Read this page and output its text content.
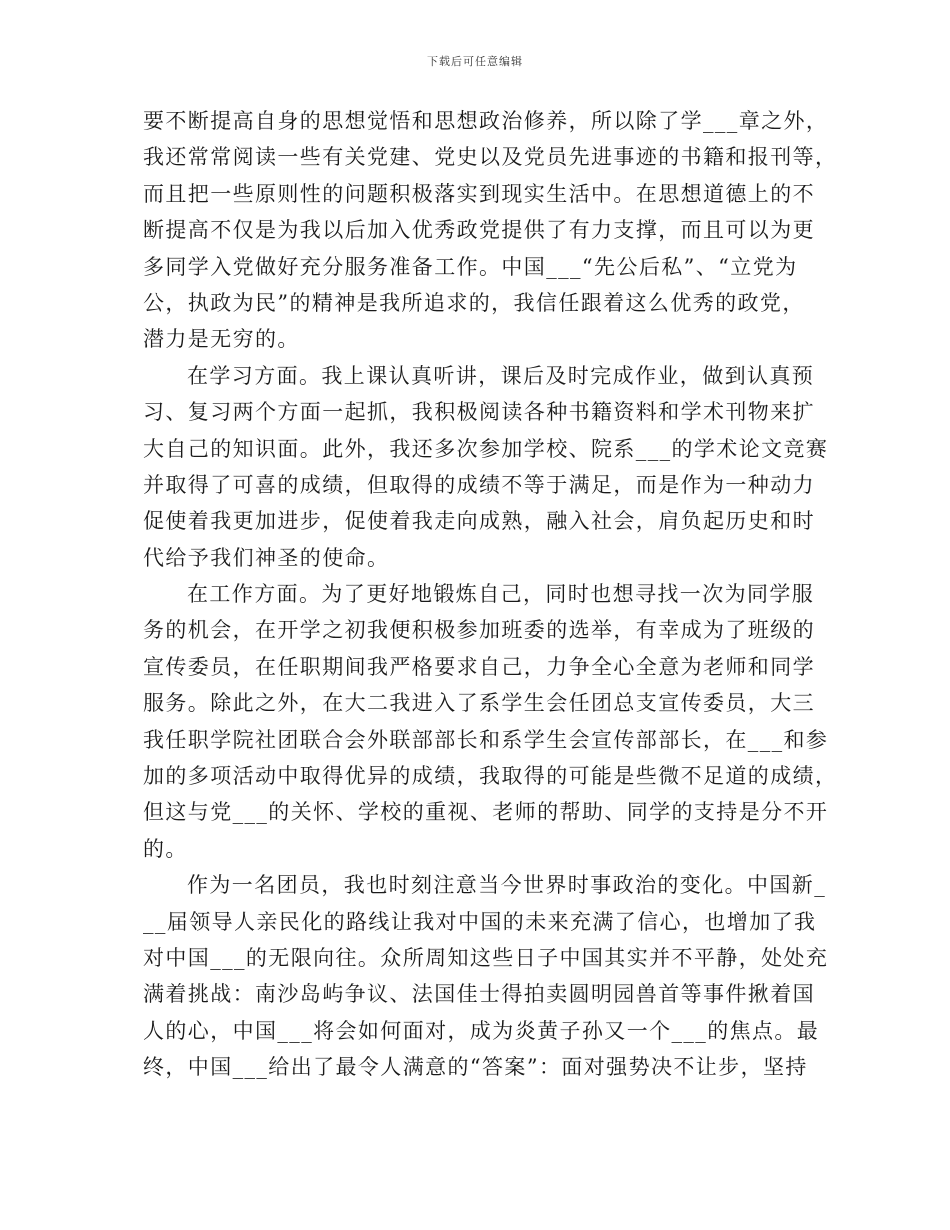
下载后可任意编辑
要不断提高自身的思想觉悟和思想政治修养，所以除了学___章之外，
我还常常阅读一些有关党建、党史以及党员先进事迹的书籍和报刊等，
而且把一些原则性的问题积极落实到现实生活中。在思想道德上的不
断提高不仅是为我以后加入优秀政党提供了有力支撑，而且可以为更
多同学入党做好充分服务准备工作。中国___“先公后私”、“立党为
公，执政为民”的精神是我所追求的，我信任跟着这么优秀的政党，
潜力是无穷的。
在学习方面。我上课认真听讲，课后及时完成作业，做到认真预
习、复习两个方面一起抓，我积极阅读各种书籍资料和学术刊物来扩
大自己的知识面。此外，我还多次参加学校、院系___的学术论文竞赛
并取得了可喜的成绩，但取得的成绩不等于满足，而是作为一种动力
促使着我更加进步，促使着我走向成熟，融入社会，肩负起历史和时
代给予我们神圣的使命。
在工作方面。为了更好地锻炼自己，同时也想寻找一次为同学服
务的机会，在开学之初我便积极参加班委的选举，有幸成为了班级的
宣传委员，在任职期间我严格要求自己，力争全心全意为老师和同学
服务。除此之外，在大二我进入了系学生会任团总支宣传委员，大三
我任职学院社团联合会外联部部长和系学生会宣传部部长，在___和参
加的多项活动中取得优异的成绩，我取得的可能是些微不足道的成绩，
但这与党___的关怀、学校的重视、老师的帮助、同学的支持是分不开
的。
作为一名团员，我也时刻注意当今世界时事政治的变化。中国新_
__届领导人亲民化的路线让我对中国的未来充满了信心，也增加了我
对中国___的无限向往。众所周知这些日子中国其实并不平静，处处充
满着挑战：南沙岛屿争议、法国佳士得拍卖圆明园兽首等事件揪着国
人的心，中国___将会如何面对，成为炎黄子孙又一个___的焦点。最
终，中国___给出了最令人满意的“答案”：面对强势决不让步，坚持
